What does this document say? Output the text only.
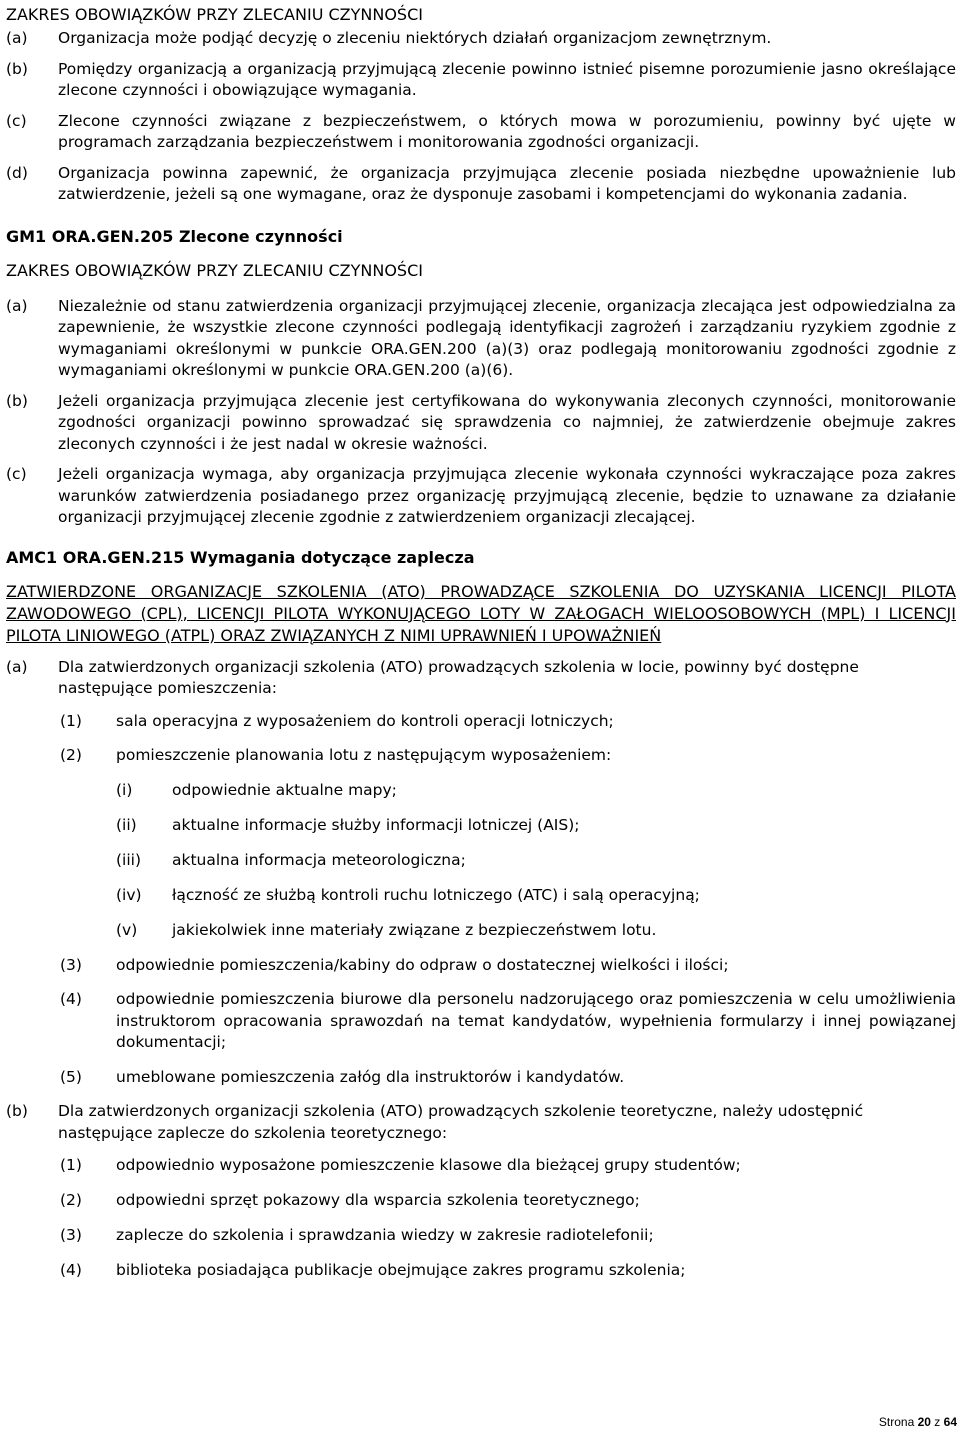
ZAKRES OBOWIĄZKÓW PRZY ZLECANIU CZYNNOŚCI
(a)	Organizacja może podjąć decyzję o zleceniu niektórych działań organizacjom zewnętrznym.
(b)	Pomiędzy organizacją a organizacją przyjmującą zlecenie powinno istnieć pisemne porozumienie jasno określające zlecone czynności i obowiązujące wymagania.
(c)	Zlecone czynności związane z bezpieczeństwem, o których mowa w porozumieniu, powinny być ujęte w programach zarządzania bezpieczeństwem i monitorowania zgodności organizacji.
(d)	Organizacja powinna zapewnić, że organizacja przyjmująca zlecenie posiada niezbędne upoważnienie lub zatwierdzenie, jeżeli są one wymagane, oraz że dysponuje zasobami i kompetencjami do wykonania zadania.
GM1 ORA.GEN.205 Zlecone czynności
ZAKRES OBOWIĄZKÓW PRZY ZLECANIU CZYNNOŚCI
(a)	Niezależnie od stanu zatwierdzenia organizacji przyjmującej zlecenie, organizacja zlecająca jest odpowiedzialna za zapewnienie, że wszystkie zlecone czynności podlegają identyfikacji zagrożeń i zarządzaniu ryzykiem zgodnie z wymaganiami określonymi w punkcie ORA.GEN.200 (a)(3) oraz podlegają monitorowaniu zgodności zgodnie z wymaganiami określonymi w punkcie ORA.GEN.200 (a)(6).
(b)	Jeżeli organizacja przyjmująca zlecenie jest certyfikowana do wykonywania zleconych czynności, monitorowanie zgodności organizacji powinno sprowadzać się sprawdzenia co najmniej, że zatwierdzenie obejmuje zakres zleconych czynności i że jest nadal w okresie ważności.
(c)	Jeżeli organizacja wymaga, aby organizacja przyjmująca zlecenie wykonała czynności wykraczające poza zakres warunków zatwierdzenia posiadanego przez organizację przyjmującą zlecenie, będzie to uznawane za działanie organizacji przyjmującej zlecenie zgodnie z zatwierdzeniem organizacji zlecającej.
AMC1 ORA.GEN.215 Wymagania dotyczące zaplecza
ZATWIERDZONE ORGANIZACJE SZKOLENIA (ATO) PROWADZĄCE SZKOLENIA DO UZYSKANIA LICENCJI PILOTA ZAWODOWEGO (CPL), LICENCJI PILOTA WYKONUJĄCEGO LOTY W ZAŁOGACH WIELOOSOBOWYCH (MPL) I LICENCJI PILOTA LINIOWEGO (ATPL) ORAZ ZWIĄZANYCH Z NIMI UPRAWNIEŃ I UPOWAŻNIEŃ
(a)	Dla zatwierdzonych organizacji szkolenia (ATO) prowadzących szkolenia w locie, powinny być dostępne następujące pomieszczenia:
(1)	sala operacyjna z wyposażeniem do kontroli operacji lotniczych;
(2)	pomieszczenie planowania lotu z następującym wyposażeniem:
(i)	odpowiednie aktualne mapy;
(ii)	aktualne informacje służby informacji lotniczej (AIS);
(iii)	aktualna informacja meteorologiczna;
(iv)	łączność ze służbą kontroli ruchu lotniczego (ATC) i salą operacyjną;
(v)	jakiekolwiek inne materiały związane z bezpieczeństwem lotu.
(3)	odpowiednie pomieszczenia/kabiny do odpraw o dostatecznej wielkości i ilości;
(4)	odpowiednie pomieszczenia biurowe dla personelu nadzorującego oraz pomieszczenia w celu umożliwienia instruktorom opracowania sprawozdań na temat kandydatów, wypełnienia formularzy i innej powiązanej dokumentacji;
(5)	umeblowane pomieszczenia załóg dla instruktorów i kandydatów.
(b)	Dla zatwierdzonych organizacji szkolenia (ATO) prowadzących szkolenie teoretyczne, należy udostępnić następujące zaplecze do szkolenia teoretycznego:
(1)	odpowiednio wyposażone pomieszczenie klasowe dla bieżącej grupy studentów;
(2)	odpowiedni sprzęt pokazowy dla wsparcia szkolenia teoretycznego;
(3)	zaplecze do szkolenia i sprawdzania wiedzy w zakresie radiotelefonii;
(4)	biblioteka posiadająca publikacje obejmujące zakres programu szkolenia;
Strona 20 z 64
